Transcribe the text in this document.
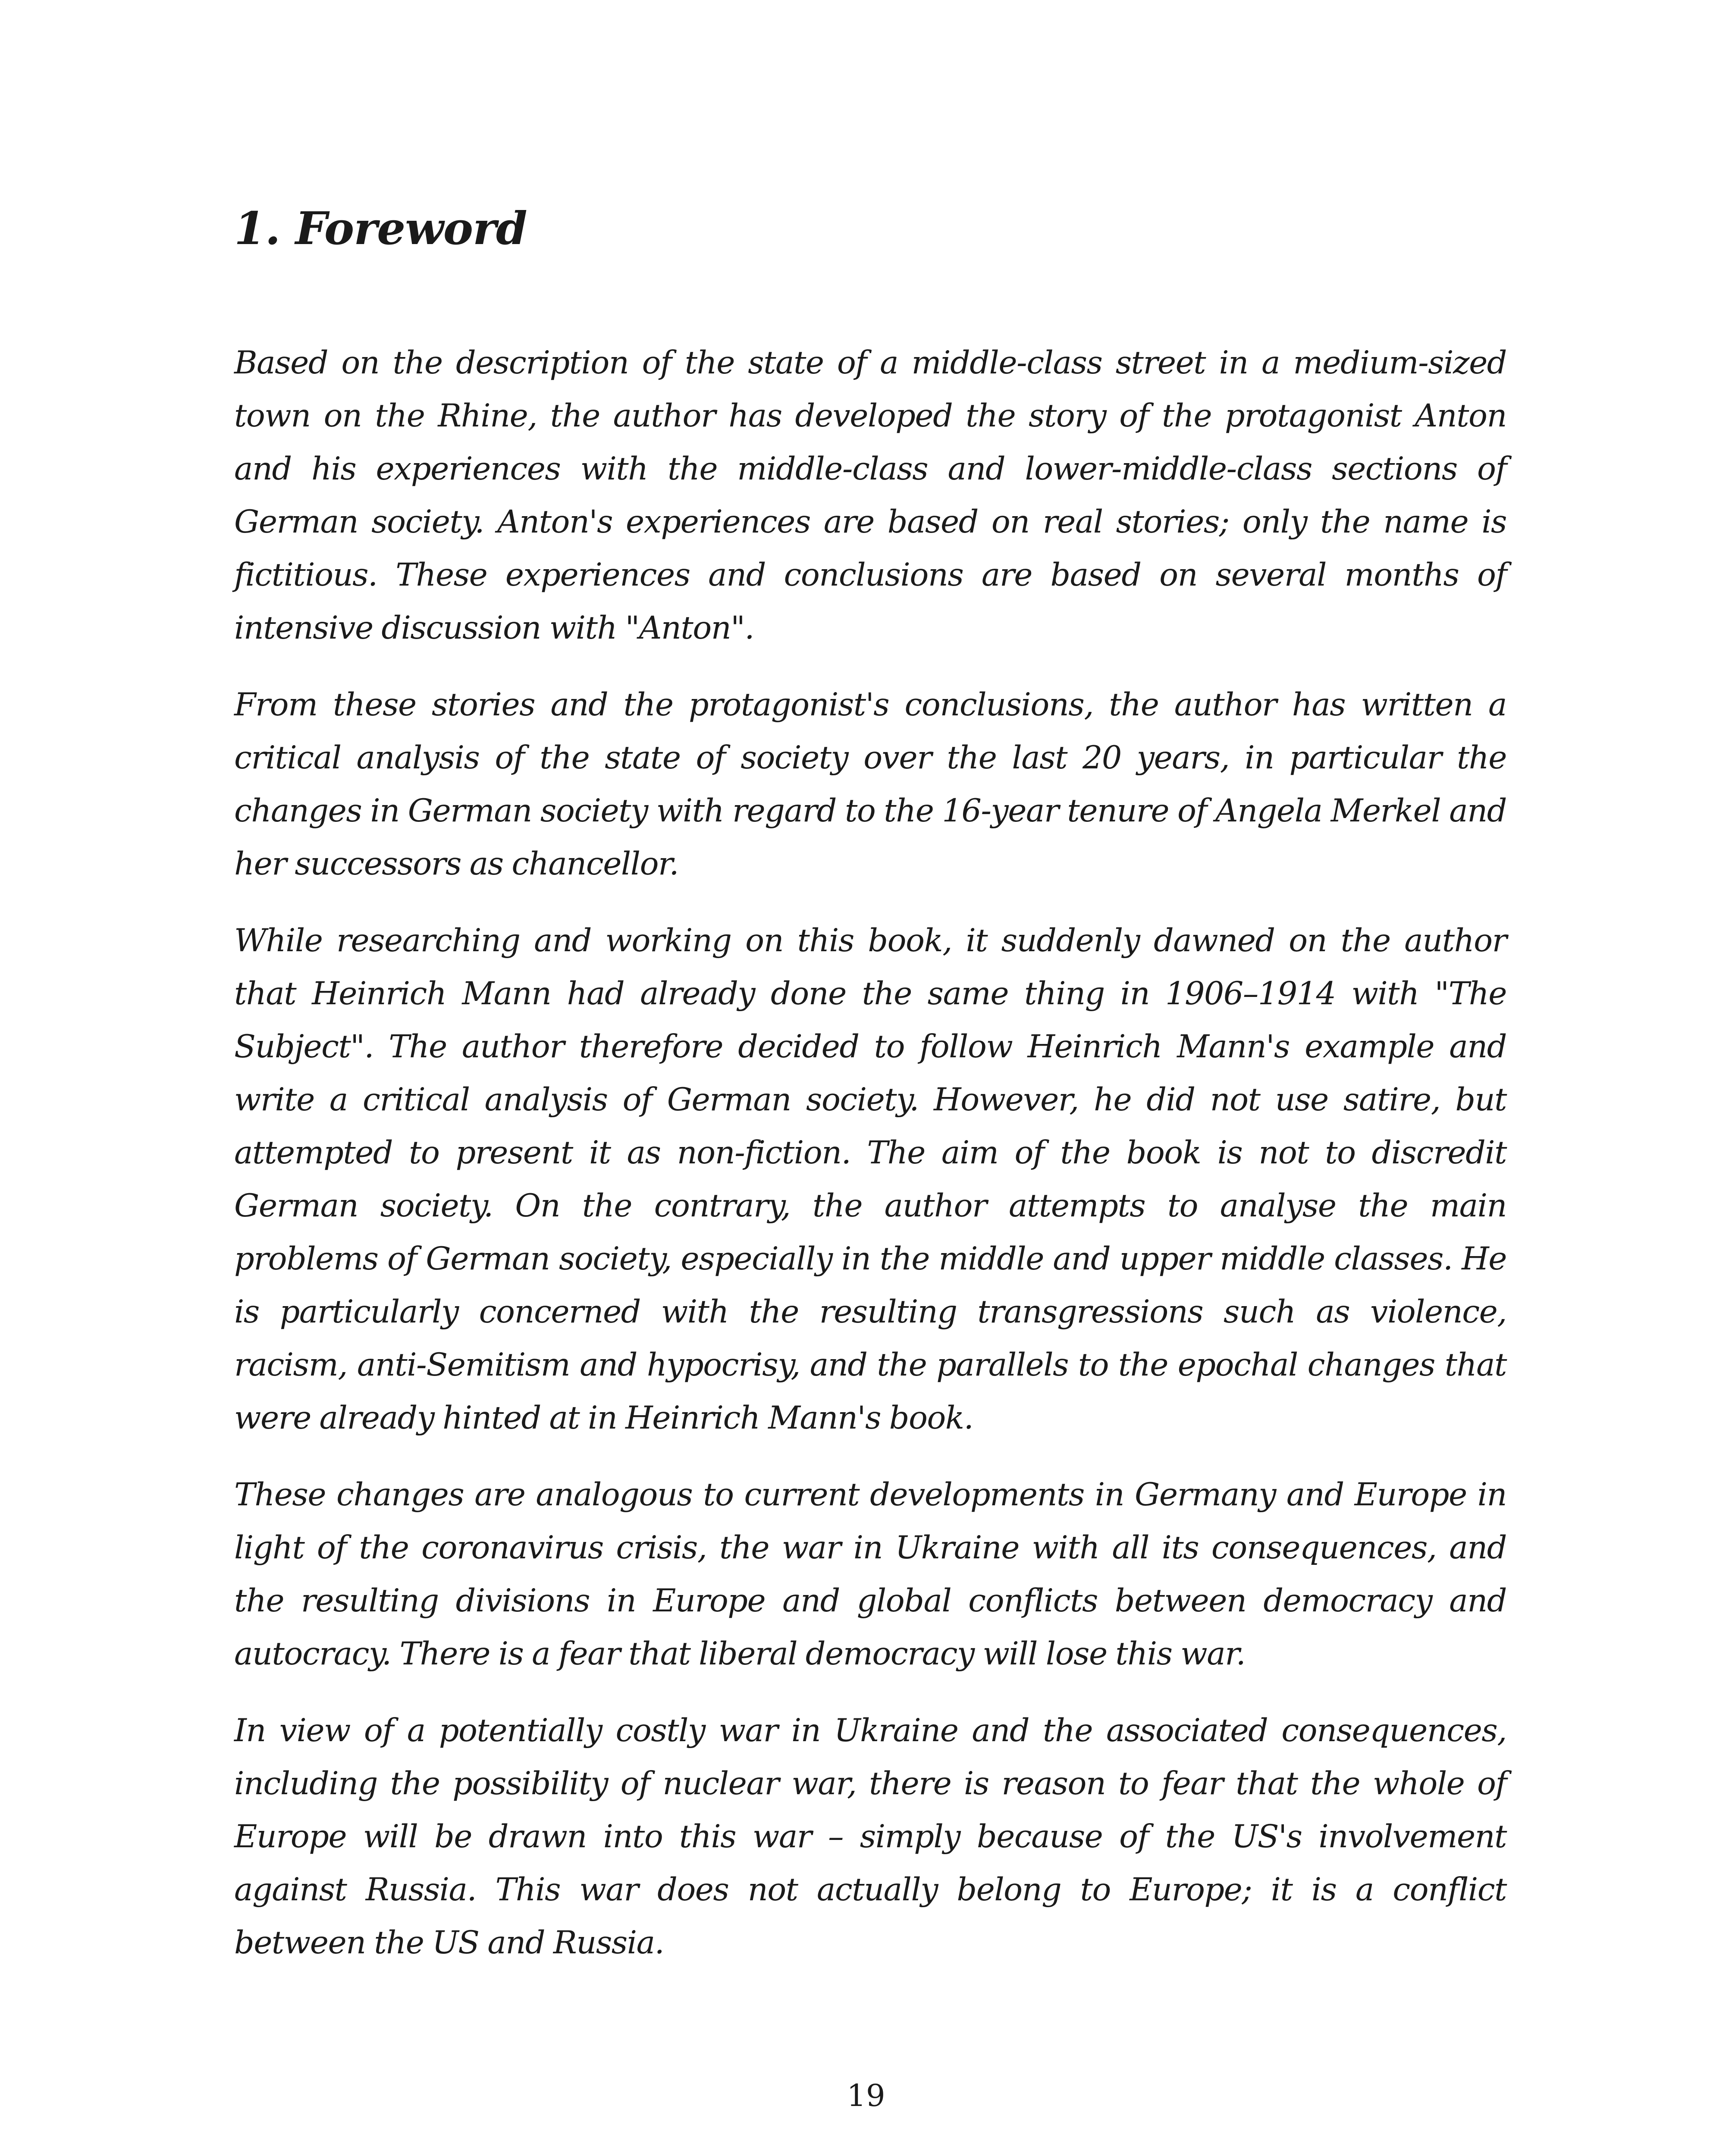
1. Foreword

Based on the description of the state of a middle-class street in a medium-sized town on the Rhine, the author has developed the story of the protagonist Anton and his experiences with the middle-class and lower-middle-class sections of German society. Anton's experiences are based on real stories; only the name is fictitious. These experiences and conclusions are based on several months of intensive discussion with "Anton".

From these stories and the protagonist's conclusions, the author has written a critical analysis of the state of society over the last 20 years, in particular the changes in German society with regard to the 16-year tenure of Angela Merkel and her successors as chancellor.

While researching and working on this book, it suddenly dawned on the author that Heinrich Mann had already done the same thing in 1906–1914 with "The Subject". The author therefore decided to follow Heinrich Mann's example and write a critical analysis of German society. However, he did not use satire, but attempted to present it as non-fiction. The aim of the book is not to discredit German society. On the contrary, the author attempts to analyse the main problems of German society, especially in the middle and upper middle classes. He is particularly concerned with the resulting transgressions such as violence, racism, anti-Semitism and hypocrisy, and the parallels to the epochal changes that were already hinted at in Heinrich Mann's book.

These changes are analogous to current developments in Germany and Europe in light of the coronavirus crisis, the war in Ukraine with all its consequences, and the resulting divisions in Europe and global conflicts between democracy and autocracy. There is a fear that liberal democracy will lose this war.

In view of a potentially costly war in Ukraine and the associated consequences, including the possibility of nuclear war, there is reason to fear that the whole of Europe will be drawn into this war – simply because of the US's involvement against Russia. This war does not actually belong to Europe; it is a conflict between the US and Russia.

19
